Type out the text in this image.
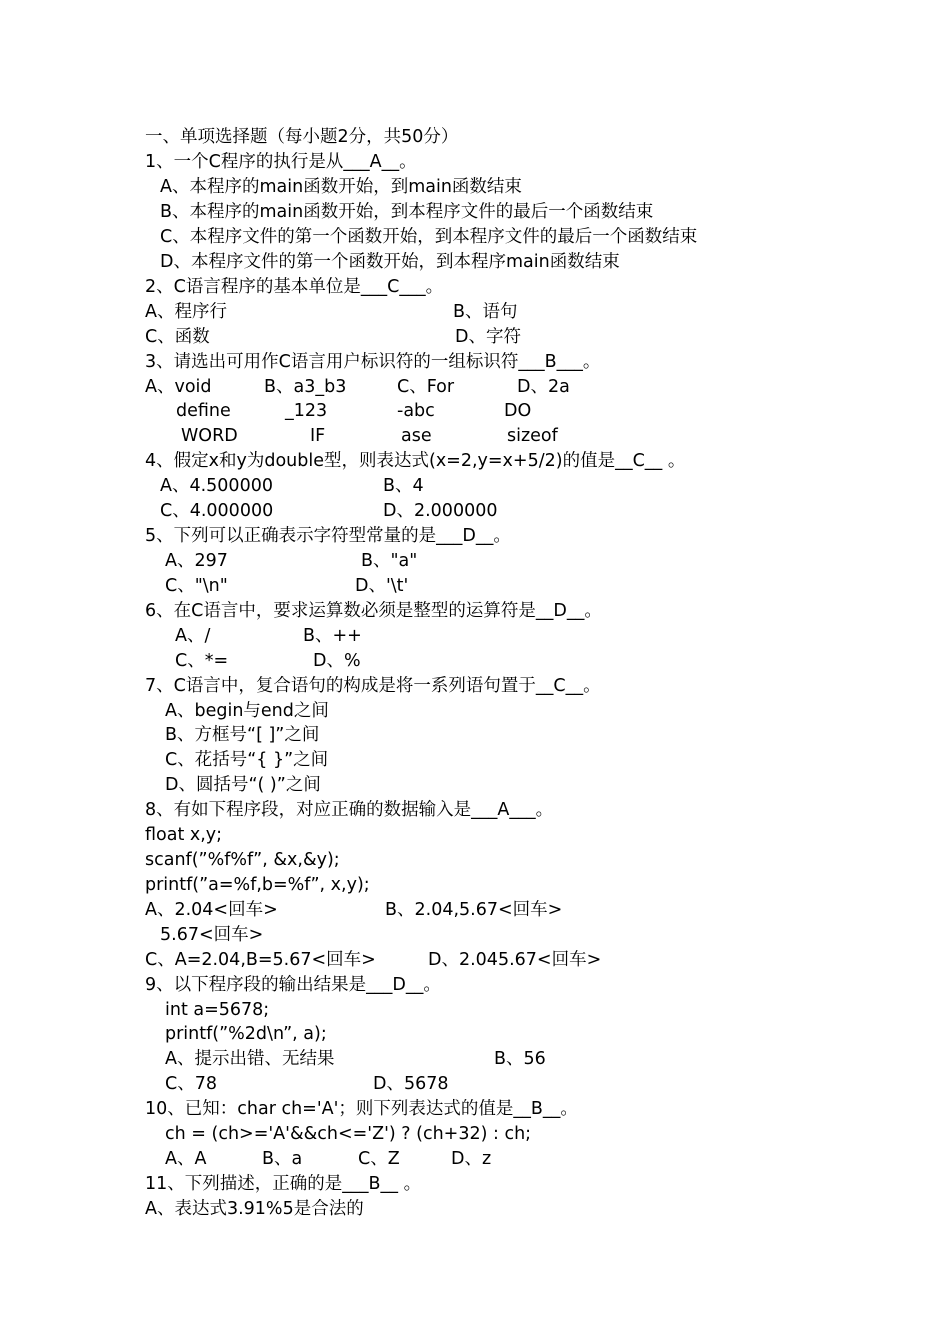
一、单项选择题（每小题2分，共50分）
1、一个C程序的执行是从___A__。
A、本程序的main函数开始，到main函数结束
B、本程序的main函数开始，到本程序文件的最后一个函数结束
C、本程序文件的第一个函数开始，到本程序文件的最后一个函数结束
D、本程序文件的第一个函数开始，到本程序main函数结束
2、C语言程序的基本单位是___C___。
A、程序行	B、语句
C、函数	D、字符
3、请选出可用作C语言用户标识符的一组标识符___B___。
A、void	B、a3_b3	C、For	D、2a
define	_123	-abc	DO
WORD	IF	ase	sizeof
4、假定x和y为double型，则表达式(x=2,y=x+5/2)的值是__C__ 。
A、4.500000	B、4
C、4.000000	D、2.000000
5、下列可以正确表示字符型常量的是___D__。
A、297	B、"a"
C、"\n"	D、'\t'
6、在C语言中，要求运算数必须是整型的运算符是__D__。
A、/	B、++
C、*=	D、%
7、C语言中，复合语句的构成是将一系列语句置于__C__。
A、begin与end之间
B、方框号“[ ]”之间
C、花括号“{ }”之间
D、圆括号“( )”之间
8、有如下程序段，对应正确的数据输入是___A___。
float x,y;
scanf(”%f%f”, &x,&y);
printf(”a=%f,b=%f”, x,y);
A、2.04<回车>	B、2.04,5.67<回车>
5.67<回车>
C、A=2.04,B=5.67<回车>	D、2.045.67<回车>
9、以下程序段的输出结果是___D__。
int a=5678;
printf(”%2d\n”, a);
A、提示出错、无结果	B、56
C、78	D、5678
10、已知：char ch='A'；则下列表达式的值是__B__。
ch = (ch>='A'&&ch<='Z') ? (ch+32) : ch;
A、A	B、a	C、Z	D、z
11、下列描述，正确的是___B__ 。
A、表达式3.91%5是合法的
